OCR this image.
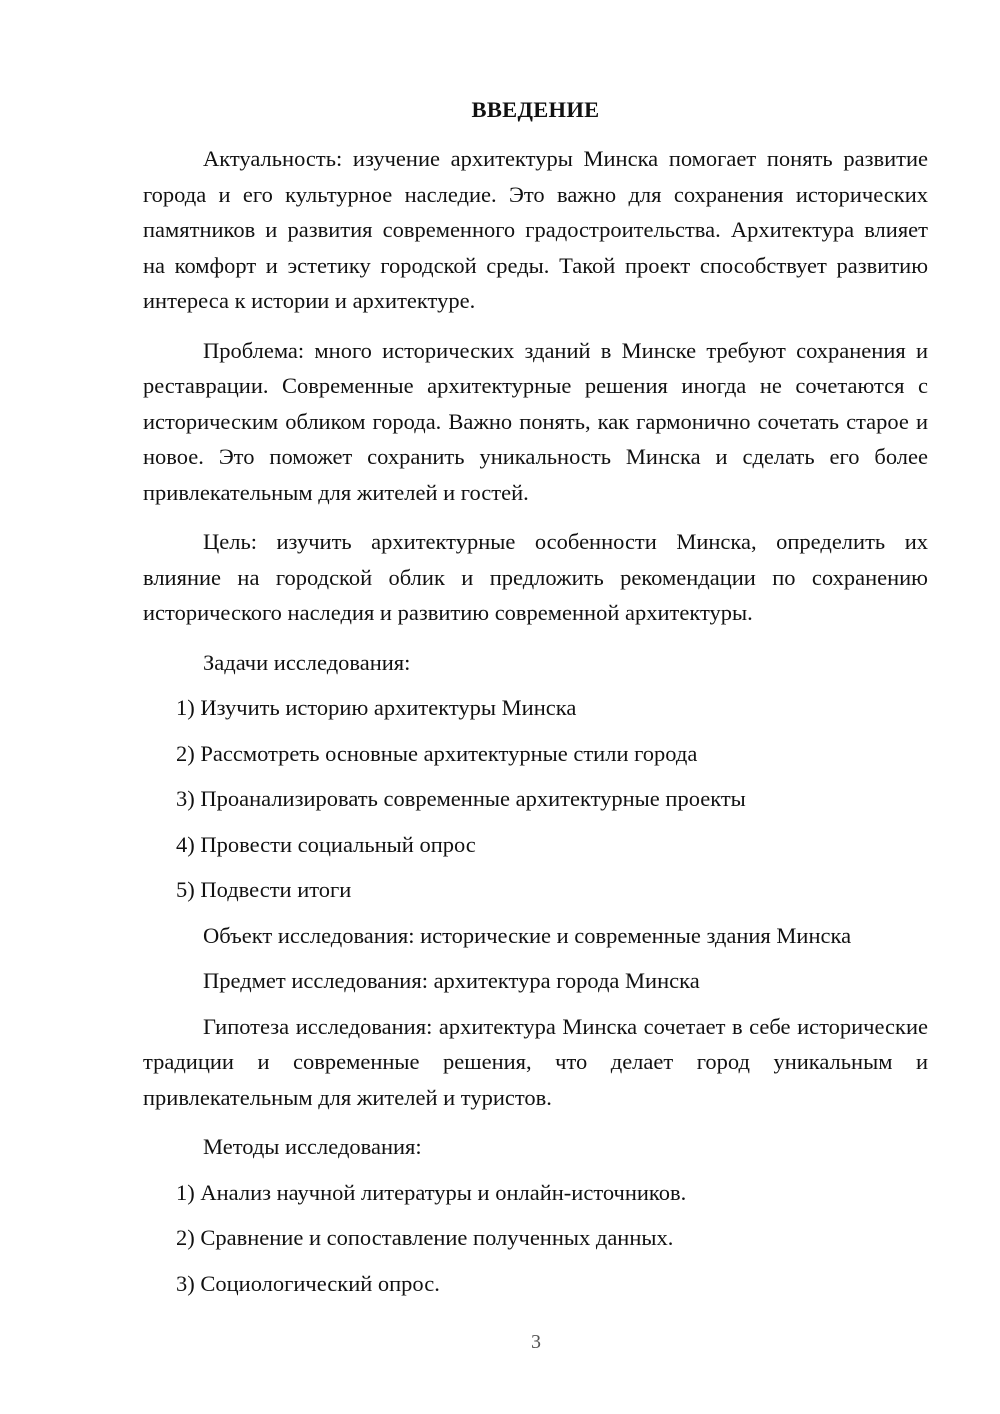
ВВЕДЕНИЕ

Актуальность: изучение архитектуры Минска помогает понять развитие города и его культурное наследие. Это важно для сохранения исторических памятников и развития современного градостроительства. Архитектура влияет на комфорт и эстетику городской среды. Такой проект способствует развитию интереса к истории и архитектуре.

Проблема: много исторических зданий в Минске требуют сохранения и реставрации. Современные архитектурные решения иногда не сочетаются с историческим обликом города. Важно понять, как гармонично сочетать старое и новое. Это поможет сохранить уникальность Минска и сделать его более привлекательным для жителей и гостей.

Цель: изучить архитектурные особенности Минска, определить их влияние на городской облик и предложить рекомендации по сохранению исторического наследия и развитию современной архитектуры.

Задачи исследования:
1) Изучить историю архитектуры Минска
2) Рассмотреть основные архитектурные стили города
3) Проанализировать современные архитектурные проекты
4) Провести социальный опрос
5) Подвести итоги
Объект исследования: исторические и современные здания Минска
Предмет исследования: архитектура города Минска

Гипотеза исследования: архитектура Минска сочетает в себе исторические традиции и современные решения, что делает город уникальным и привлекательным для жителей и туристов.

Методы исследования:
1) Анализ научной литературы и онлайн-источников.
2) Сравнение и сопоставление полученных данных.
3) Социологический опрос.
3
